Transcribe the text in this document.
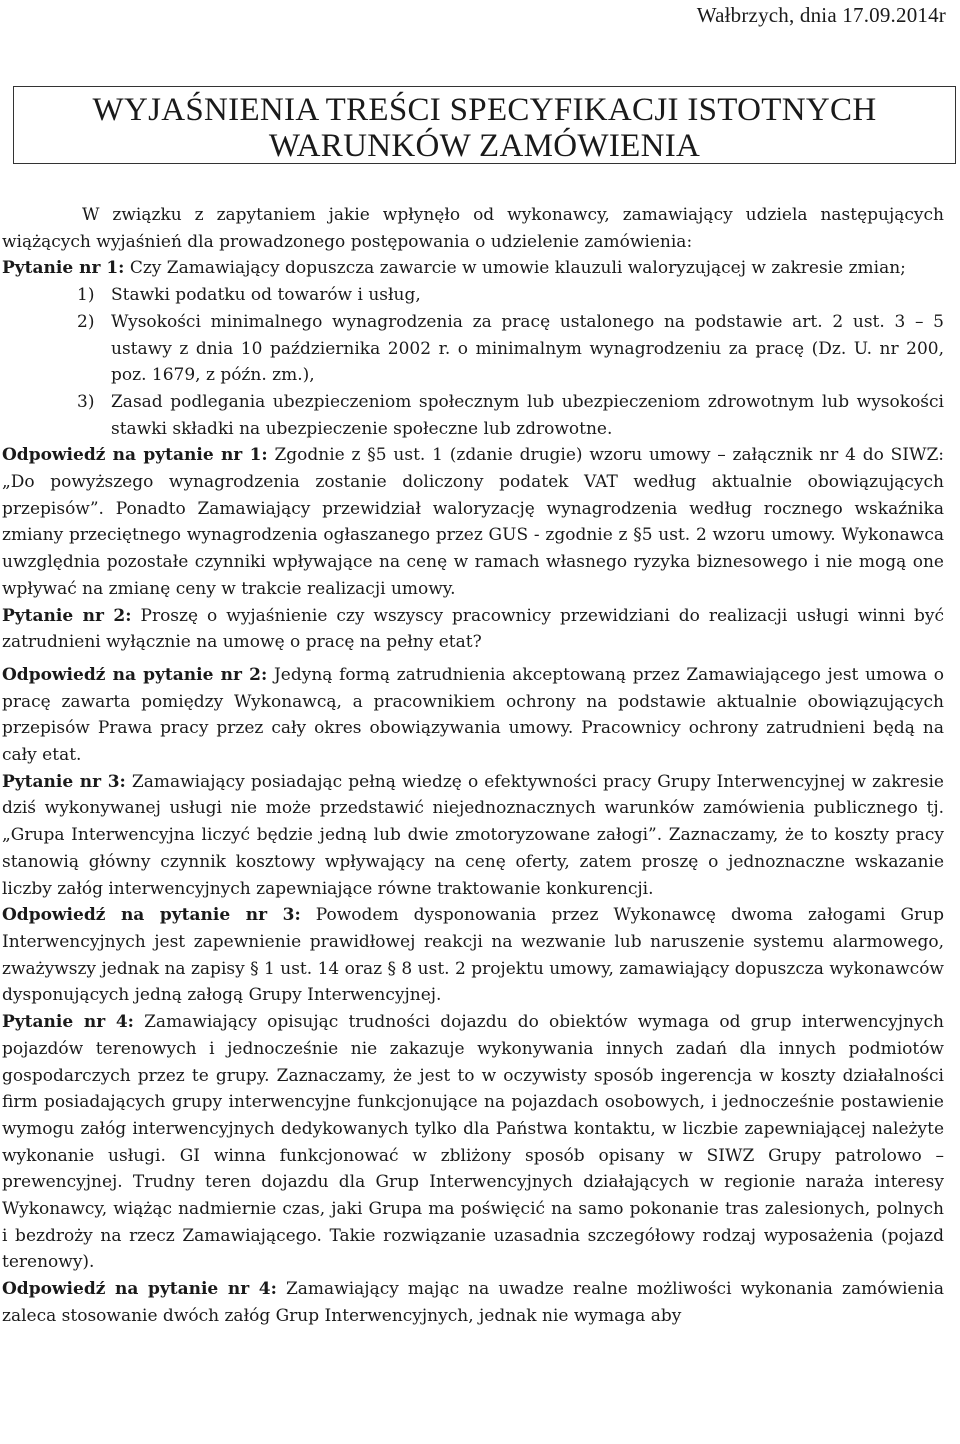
Wałbrzych, dnia 17.09.2014r
WYJAŚNIENIA TREŚCI SPECYFIKACJI ISTOTNYCH
WARUNKÓW ZAMÓWIENIA

W związku z zapytaniem jakie wpłynęło od wykonawcy, zamawiający udziela następujących wiążących wyjaśnień dla prowadzonego postępowania o udzielenie zamówienia:

Pytanie nr 1: Czy Zamawiający dopuszcza zawarcie w umowie klauzuli waloryzującej w zakresie zmian;

1) Stawki podatku od towarów i usług,
2) Wysokości minimalnego wynagrodzenia za pracę ustalonego na podstawie art. 2 ust. 3 – 5 ustawy z dnia 10 października 2002 r. o minimalnym wynagrodzeniu za pracę (Dz. U. nr 200, poz. 1679, z późn. zm.),
3) Zasad podlegania ubezpieczeniom społecznym lub ubezpieczeniom zdrowotnym lub wysokości stawki składki na ubezpieczenie społeczne lub zdrowotne.

Odpowiedź na pytanie nr 1: Zgodnie z §5 ust. 1 (zdanie drugie) wzoru umowy – załącznik nr 4 do SIWZ: „Do powyższego wynagrodzenia zostanie doliczony podatek VAT według aktualnie obowiązujących przepisów”. Ponadto Zamawiający przewidział waloryzację wynagrodzenia według rocznego wskaźnika zmiany przeciętnego wynagrodzenia ogłaszanego przez GUS - zgodnie z §5 ust. 2 wzoru umowy. Wykonawca uwzględnia pozostałe czynniki wpływające na cenę w ramach własnego ryzyka biznesowego i nie mogą one wpływać na zmianę ceny w trakcie realizacji umowy.

Pytanie nr 2: Proszę o wyjaśnienie czy wszyscy pracownicy przewidziani do realizacji usługi winni być zatrudnieni wyłącznie na umowę o pracę na pełny etat?

Odpowiedź na pytanie nr 2: Jedyną formą zatrudnienia akceptowaną przez Zamawiającego jest umowa o pracę zawarta pomiędzy Wykonawcą, a pracownikiem ochrony na podstawie aktualnie obowiązujących przepisów Prawa pracy przez cały okres obowiązywania umowy. Pracownicy ochrony zatrudnieni będą na cały etat.

Pytanie nr 3: Zamawiający posiadając pełną wiedzę o efektywności pracy Grupy Interwencyjnej w zakresie dziś wykonywanej usługi nie może przedstawić niejednoznacznych warunków zamówienia publicznego tj. „Grupa Interwencyjna liczyć będzie jedną lub dwie zmotoryzowane załogi”. Zaznaczamy, że to koszty pracy stanowią główny czynnik kosztowy wpływający na cenę oferty, zatem proszę o jednoznaczne wskazanie liczby załóg interwencyjnych zapewniające równe traktowanie konkurencji.

Odpowiedź na pytanie nr 3: Powodem dysponowania przez Wykonawcę dwoma załogami Grup Interwencyjnych jest zapewnienie prawidłowej reakcji na wezwanie lub naruszenie systemu alarmowego, zważywszy jednak na zapisy § 1 ust. 14 oraz § 8 ust. 2 projektu umowy, zamawiający dopuszcza wykonawców dysponujących jedną załogą Grupy Interwencyjnej.

Pytanie nr 4: Zamawiający opisując trudności dojazdu do obiektów wymaga od grup interwencyjnych pojazdów terenowych i jednocześnie nie zakazuje wykonywania innych zadań dla innych podmiotów gospodarczych przez te grupy. Zaznaczamy, że jest to w oczywisty sposób ingerencja w koszty działalności firm posiadających grupy interwencyjne funkcjonujące na pojazdach osobowych, i jednocześnie postawienie wymogu załóg interwencyjnych dedykowanych tylko dla Państwa kontaktu, w liczbie zapewniającej należyte wykonanie usługi. GI winna funkcjonować w zbliżony sposób opisany w SIWZ Grupy patrolowo – prewencyjnej. Trudny teren dojazdu dla Grup Interwencyjnych działających w regionie naraża interesy Wykonawcy, wiążąc nadmiernie czas, jaki Grupa ma poświęcić na samo pokonanie tras zalesionych, polnych i bezdroży na rzecz Zamawiającego. Takie rozwiązanie uzasadnia szczegółowy rodzaj wyposażenia (pojazd terenowy).

Odpowiedź na pytanie nr 4: Zamawiający mając na uwadze realne możliwości wykonania zamówienia zaleca stosowanie dwóch załóg Grup Interwencyjnych, jednak nie wymaga aby
